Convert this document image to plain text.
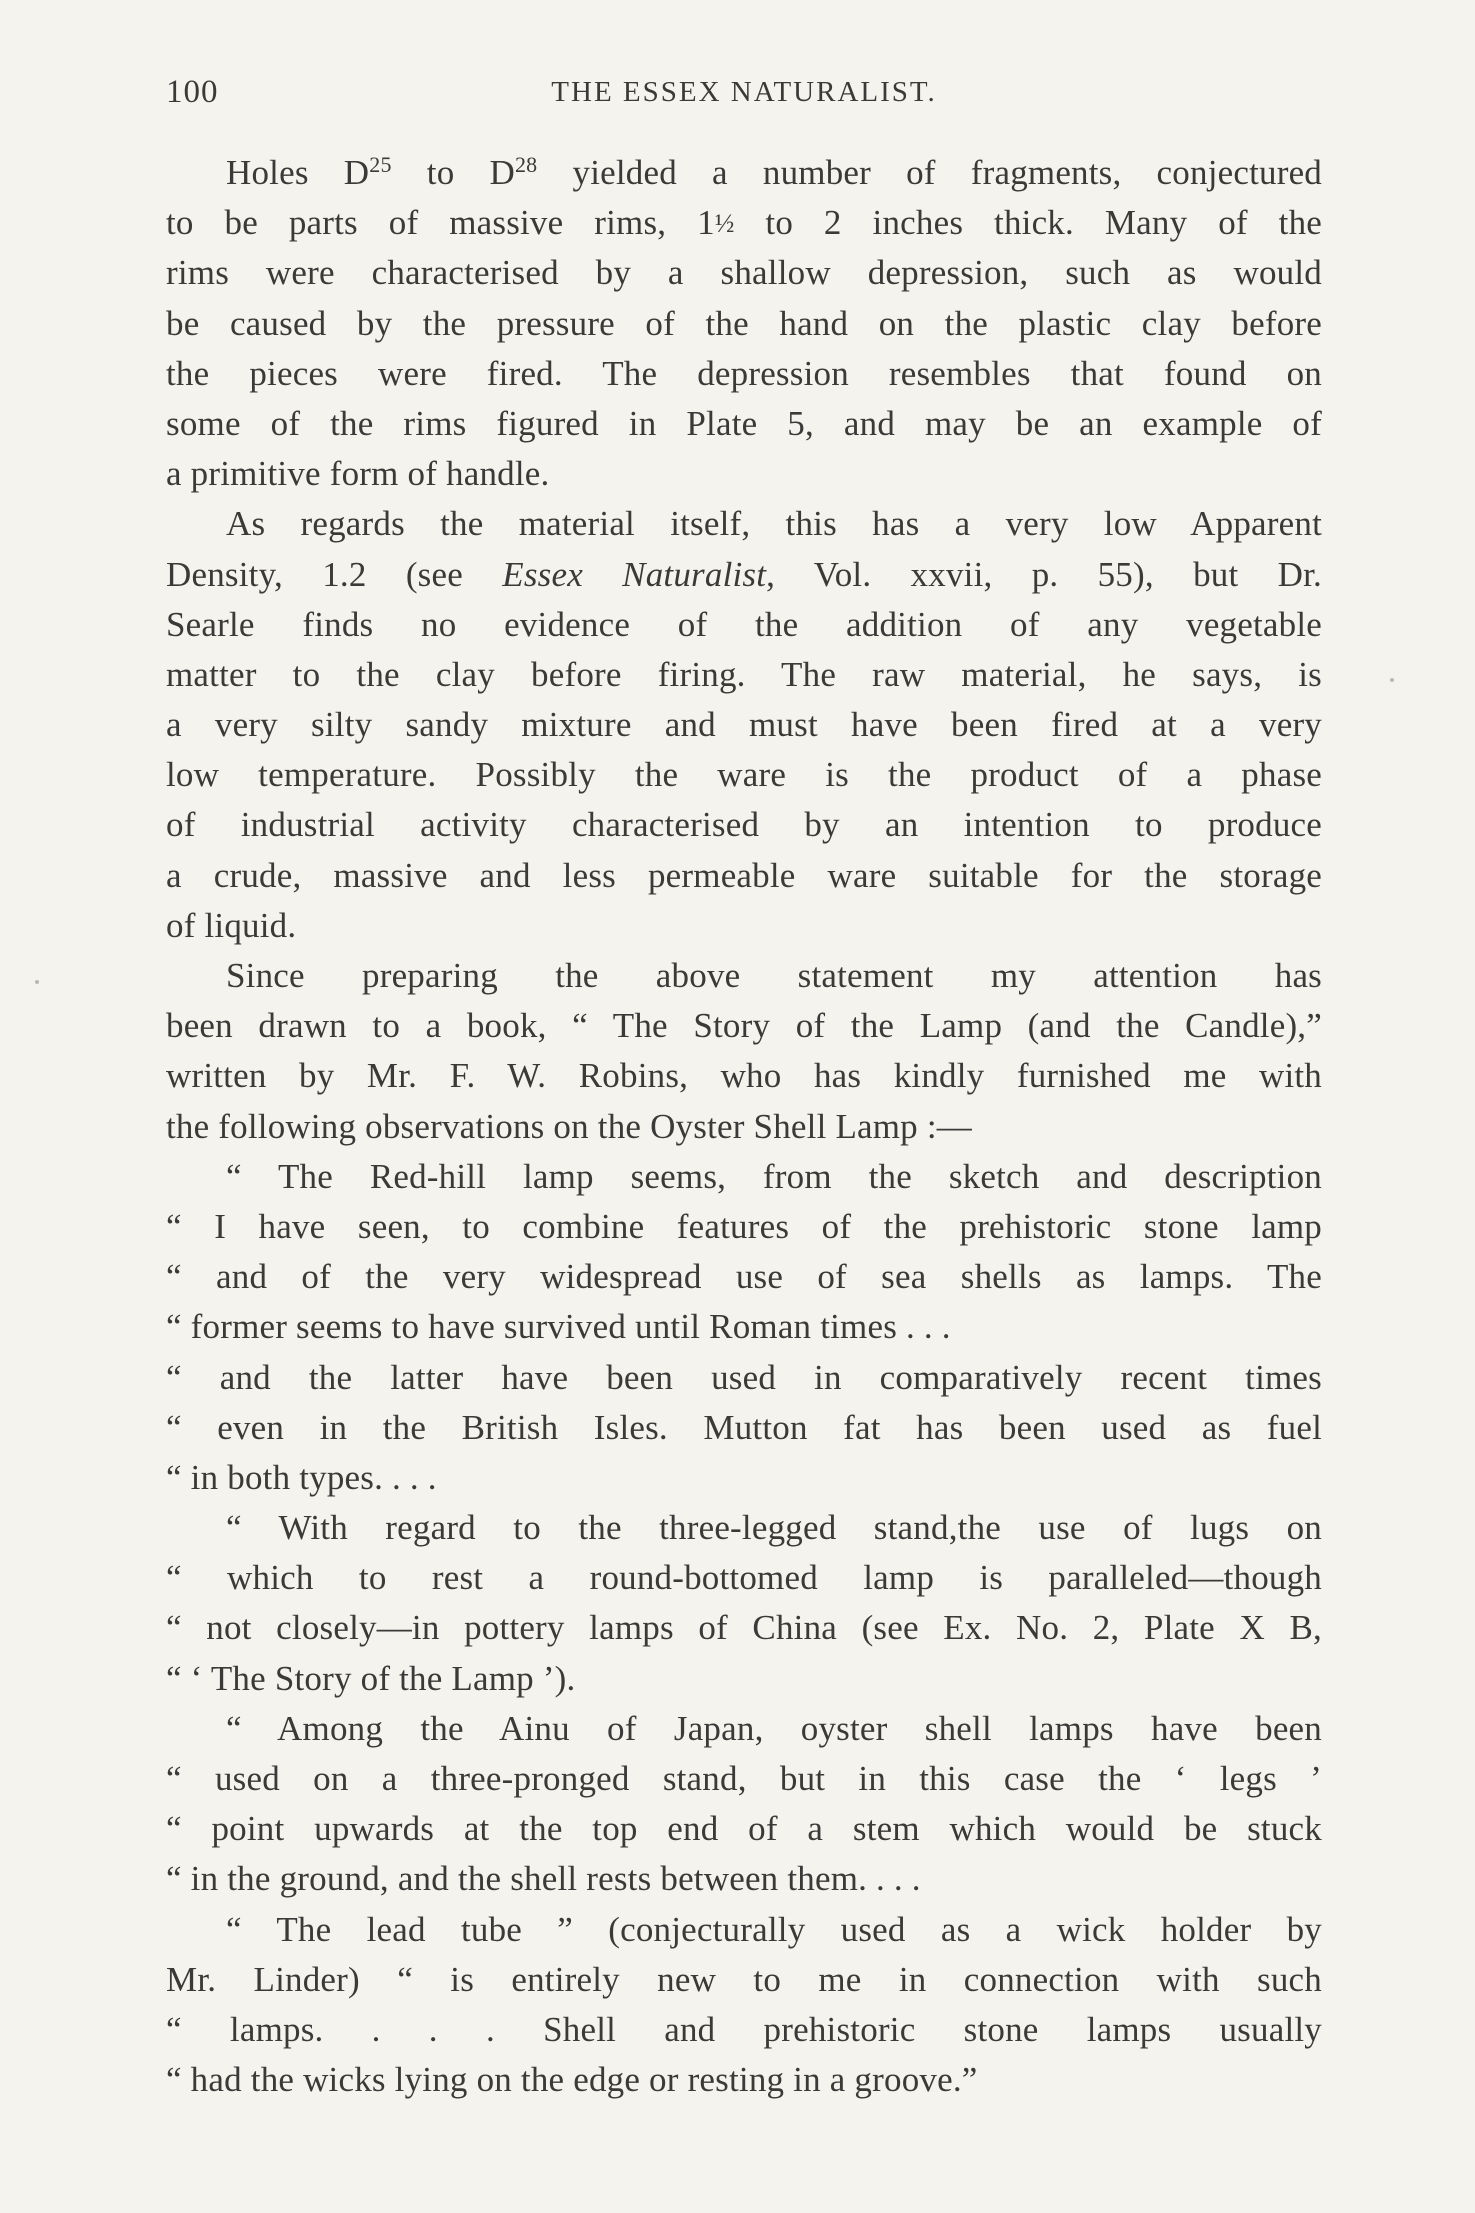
100	THE ESSEX NATURALIST.
Holes $D^{25}$ to $D^{28}$ yielded a number of fragments, conjectured
to be parts of massive rims, 1½ to 2 inches thick. Many of the
rims were characterised by a shallow depression, such as would
be caused by the pressure of the hand on the plastic clay before
the pieces were fired. The depression resembles that found on
some of the rims figured in Plate 5, and may be an example of
a primitive form of handle.
As regards the material itself, this has a very low Apparent
Density, 1.2 (see Essex Naturalist, Vol. xxvii, p. 55), but Dr.
Searle finds no evidence of the addition of any vegetable
matter to the clay before firing. The raw material, he says, is
a very silty sandy mixture and must have been fired at a very
low temperature. Possibly the ware is the product of a phase
of industrial activity characterised by an intention to produce
a crude, massive and less permeable ware suitable for the storage
of liquid.
Since preparing the above statement my attention has
been drawn to a book, “ The Story of the Lamp (and the Candle),”
written by Mr. F. W. Robins, who has kindly furnished me with
the following observations on the Oyster Shell Lamp :—
“ The Red-hill lamp seems, from the sketch and description
“ I have seen, to combine features of the prehistoric stone lamp
“ and of the very widespread use of sea shells as lamps. The
“ former seems to have survived until Roman times . . .
“ and the latter have been used in comparatively recent times
“ even in the British Isles. Mutton fat has been used as fuel
“ in both types. . . .
“ With regard to the three-legged stand,the use of lugs on
“ which to rest a round-bottomed lamp is paralleled—though
“ not closely—in pottery lamps of China (see Ex. No. 2, Plate X B,
“ ‘ The Story of the Lamp ’).
“ Among the Ainu of Japan, oyster shell lamps have been
“ used on a three-pronged stand, but in this case the ‘ legs ’
“ point upwards at the top end of a stem which would be stuck
“ in the ground, and the shell rests between them. . . .
“ The lead tube ” (conjecturally used as a wick holder by
Mr. Linder) “ is entirely new to me in connection with such
“ lamps. . . . Shell and prehistoric stone lamps usually
“ had the wicks lying on the edge or resting in a groove.”
